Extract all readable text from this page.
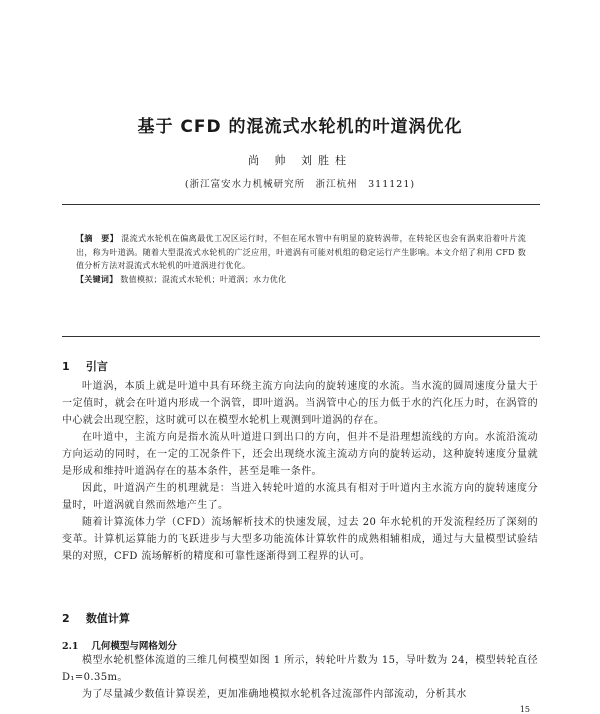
基于 CFD 的混流式水轮机的叶道涡优化
尚 帅 刘胜柱
(浙江富安水力机械研究所　浙江杭州　311121)
【摘　要】 混流式水轮机在偏离最优工况区运行时，不但在尾水管中有明显的旋转涡带，在转轮区也会有涡束沿着叶片流出，称为叶道涡。随着大型混流式水轮机的广泛应用，叶道涡有可能对机组的稳定运行产生影响。本文介绍了利用 CFD 数值分析方法对混流式水轮机的叶道涡进行优化。
【关键词】 数值模拟；混流式水轮机；叶道涡；水力优化
1 引言

叶道涡，本质上就是叶道中具有环绕主流方向法向的旋转速度的水流。当水流的圆周速度分量大于一定值时，就会在叶道内形成一个涡管，即叶道涡。当涡管中心的压力低于水的汽化压力时，在涡管的中心就会出现空腔，这时就可以在模型水轮机上观测到叶道涡的存在。

在叶道中，主流方向是指水流从叶道进口到出口的方向，但并不是沿理想流线的方向。水流沿流动方向运动的同时，在一定的工况条件下，还会出现绕水流主流动方向的旋转运动，这种旋转速度分量就是形成和维持叶道涡存在的基本条件，甚至是唯一条件。

因此，叶道涡产生的机理就是：当进入转轮叶道的水流具有相对于叶道内主水流方向的旋转速度分量时，叶道涡就自然而然地产生了。

随着计算流体力学（CFD）流场解析技术的快速发展，过去 20 年水轮机的开发流程经历了深刻的变革。计算机运算能力的飞跃进步与大型多功能流体计算软件的成熟相辅相成，通过与大量模型试验结果的对照，CFD 流场解析的精度和可靠性逐渐得到工程界的认可。

2 数值计算
2.1 几何模型与网格划分

模型水轮机整体流道的三维几何模型如图 1 所示，转轮叶片数为 15，导叶数为 24，模型转轮直径 D₁=0.35m。

为了尽量减少数值计算误差，更加准确地模拟水轮机各过流部件内部流动，分析其水

15
